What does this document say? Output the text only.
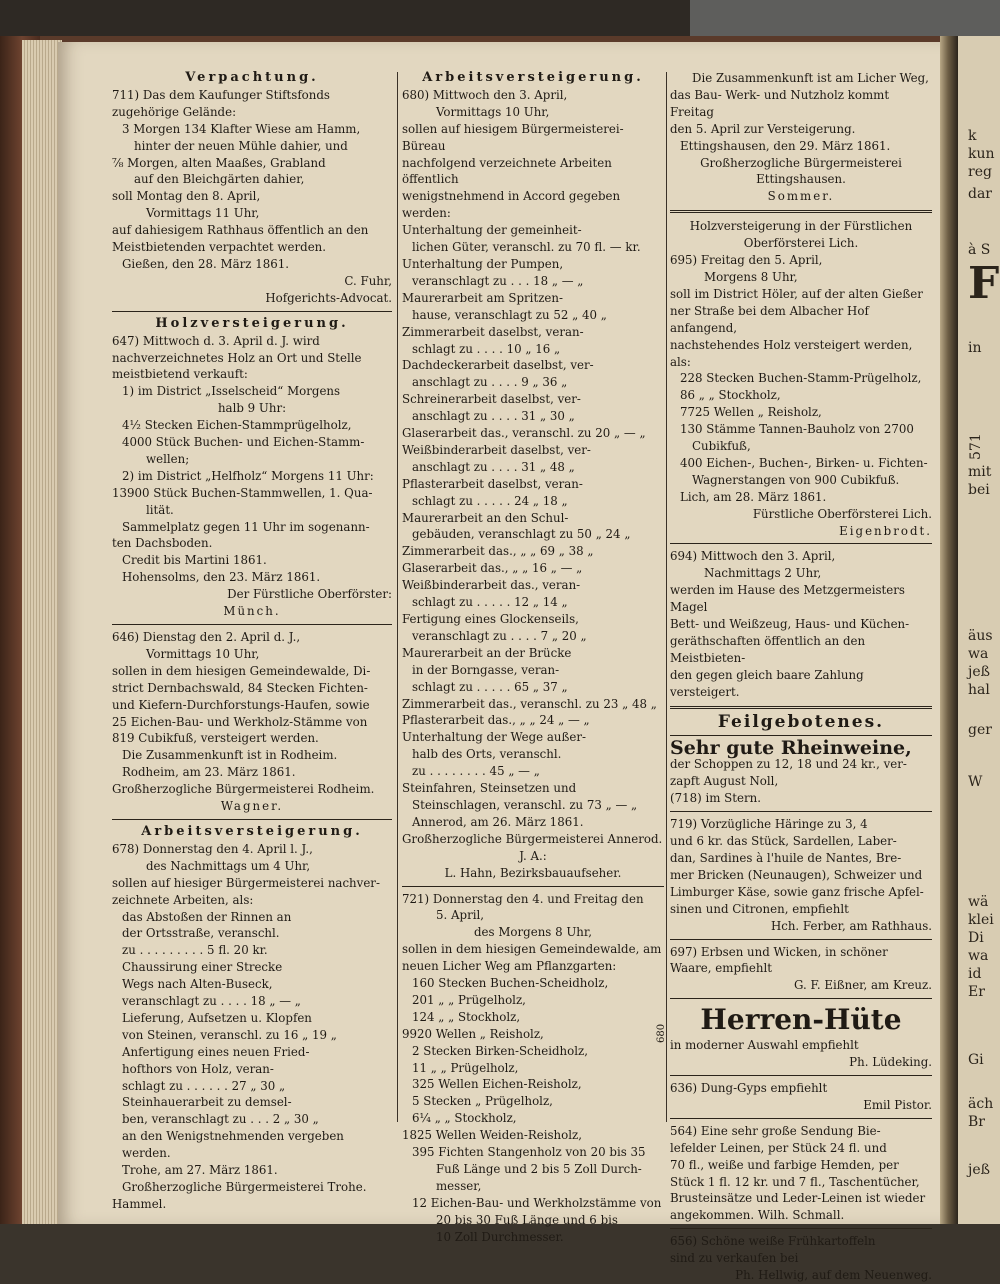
k
kun
reg
dar
à S
F
in
571
mit
bei
äus
wa
jeß
hal
ger
W
wä
klei
Di
wa
id
Er
Gi
äch
Br
jeß

Verpachtung.

711) Das dem Kaufunger Stiftsfonds

zugehörige Gelände:

3 Morgen 134 Klafter Wiese am Hamm,

hinter der neuen Mühle dahier, und

⅞ Morgen, alten Maaßes, Grabland

auf den Bleichgärten dahier,

soll Montag den 8. April,

Vormittags 11 Uhr,

auf dahiesigem Rathhaus öffentlich an den

Meistbietenden verpachtet werden.

Gießen, den 28. März 1861.

C. Fuhr,

Hofgerichts-Advocat.

Holzversteigerung.

647) Mittwoch d. 3. April d. J. wird

nachverzeichnetes Holz an Ort und Stelle

meistbietend verkauft:

1) im District „Isselscheid“ Morgens

halb 9 Uhr:

4½ Stecken Eichen-Stammprügelholz,

4000 Stück Buchen- und Eichen-Stamm-

wellen;

2) im District „Helfholz“ Morgens 11 Uhr:

13900 Stück Buchen-Stammwellen, 1. Qua-

lität.

Sammelplatz gegen 11 Uhr im sogenann-

ten Dachsboden.

Credit bis Martini 1861.

Hohensolms, den 23. März 1861.

Der Fürstliche Oberförster:

Münch.

646) Dienstag den 2. April d. J.,

Vormittags 10 Uhr,

sollen in dem hiesigen Gemeindewalde, Di-

strict Dernbachswald, 84 Stecken Fichten-

und Kiefern-Durchforstungs-Haufen, sowie

25 Eichen-Bau- und Werkholz-Stämme von

819 Cubikfuß, versteigert werden.

Die Zusammenkunft ist in Rodheim.

Rodheim, am 23. März 1861.

Großherzogliche Bürgermeisterei Rodheim.

Wagner.

Arbeitsversteigerung.

678) Donnerstag den 4. April l. J.,

des Nachmittags um 4 Uhr,

sollen auf hiesiger Bürgermeisterei nachver-

zeichnete Arbeiten, als:

das Abstoßen der Rinnen an

der Ortsstraße, veranschl.

zu . . . . . . . . . 5 fl. 20 kr.

Chaussirung einer Strecke

Wegs nach Alten-Buseck,

veranschlagt zu . . . . 18 „ — „

Lieferung, Aufsetzen u. Klopfen

von Steinen, veranschl. zu 16 „ 19 „

Anfertigung eines neuen Fried-

hofthors von Holz, veran-

schlagt zu . . . . . . 27 „ 30 „

Steinhauerarbeit zu demsel-

ben, veranschlagt zu . . . 2 „ 30 „

an den Wenigstnehmenden vergeben werden.

Trohe, am 27. März 1861.

Großherzogliche Bürgermeisterei Trohe.

Hammel.

Arbeitsversteigerung.

680) Mittwoch den 3. April,

Vormittags 10 Uhr,

sollen auf hiesigem Bürgermeisterei-Büreau

nachfolgend verzeichnete Arbeiten öffentlich

wenigstnehmend in Accord gegeben werden:

Unterhaltung der gemeinheit-

lichen Güter, veranschl. zu 70 fl. — kr.

Unterhaltung der Pumpen,

veranschlagt zu . . . 18 „ — „

Maurerarbeit am Spritzen-

hause, veranschlagt zu 52 „ 40 „

Zimmerarbeit daselbst, veran-

schlagt zu . . . . 10 „ 16 „

Dachdeckerarbeit daselbst, ver-

anschlagt zu . . . . 9 „ 36 „

Schreinerarbeit daselbst, ver-

anschlagt zu . . . . 31 „ 30 „

Glaserarbeit das., veranschl. zu 20 „ — „

Weißbinderarbeit daselbst, ver-

anschlagt zu . . . . 31 „ 48 „

Pflasterarbeit daselbst, veran-

schlagt zu . . . . . 24 „ 18 „

Maurerarbeit an den Schul-

gebäuden, veranschlagt zu 50 „ 24 „

Zimmerarbeit das., „ „ 69 „ 38 „

Glaserarbeit das., „ „ 16 „ — „

Weißbinderarbeit das., veran-

schlagt zu . . . . . 12 „ 14 „

Fertigung eines Glockenseils,

veranschlagt zu . . . . 7 „ 20 „

Maurerarbeit an der Brücke

in der Borngasse, veran-

schlagt zu . . . . . 65 „ 37 „

Zimmerarbeit das., veranschl. zu 23 „ 48 „

Pflasterarbeit das., „ „ 24 „ — „

Unterhaltung der Wege außer-

halb des Orts, veranschl.

zu . . . . . . . . 45 „ — „

Steinfahren, Steinsetzen und

Steinschlagen, veranschl. zu 73 „ — „

Annerod, am 26. März 1861.

Großherzogliche Bürgermeisterei Annerod.

J. A.:

L. Hahn, Bezirksbauaufseher.

721) Donnerstag den 4. und Freitag den

5. April,

des Morgens 8 Uhr,

sollen in dem hiesigen Gemeindewalde, am

neuen Licher Weg am Pflanzgarten:

160 Stecken Buchen-Scheidholz,

201 „ „ Prügelholz,

124 „ „ Stockholz,

9920 Wellen „ Reisholz,

2 Stecken Birken-Scheidholz,

11 „ „ Prügelholz,

325 Wellen Eichen-Reisholz,

5 Stecken „ Prügelholz,

6¼ „ „ Stockholz,

1825 Wellen Weiden-Reisholz,

395 Fichten Stangenholz von 20 bis 35

Fuß Länge und 2 bis 5 Zoll Durch-

messer,

12 Eichen-Bau- und Werkholzstämme von

20 bis 30 Fuß Länge und 6 bis

10 Zoll Durchmesser.

Die Zusammenkunft ist am Licher Weg,

das Bau- Werk- und Nutzholz kommt Freitag

den 5. April zur Versteigerung.

Ettingshausen, den 29. März 1861.

Großherzogliche Bürgermeisterei

Ettingshausen.

Sommer.

Holzversteigerung in der Fürstlichen

Oberförsterei Lich.

695) Freitag den 5. April,

Morgens 8 Uhr,

soll im District Höler, auf der alten Gießer

ner Straße bei dem Albacher Hof anfangend,

nachstehendes Holz versteigert werden, als:

228 Stecken Buchen-Stamm-Prügelholz,

86 „ „ Stockholz,

7725 Wellen „ Reisholz,

130 Stämme Tannen-Bauholz von 2700

Cubikfuß,

400 Eichen-, Buchen-, Birken- u. Fichten-

Wagnerstangen von 900 Cubikfuß.

Lich, am 28. März 1861.

Fürstliche Oberförsterei Lich.

Eigenbrodt.

694) Mittwoch den 3. April,

Nachmittags 2 Uhr,

werden im Hause des Metzgermeisters Magel

Bett- und Weißzeug, Haus- und Küchen-

geräthschaften öffentlich an den Meistbieten-

den gegen gleich baare Zahlung versteigert.

Feilgebotenes.

Sehr gute Rheinweine,

der Schoppen zu 12, 18 und 24 kr., ver-

zapft August Noll,

(718) im Stern.

719) Vorzügliche Häringe zu 3, 4

und 6 kr. das Stück, Sardellen, Laber-

dan, Sardines à l'huile de Nantes, Bre-

mer Bricken (Neunaugen), Schweizer und

Limburger Käse, sowie ganz frische Apfel-

sinen und Citronen, empfiehlt

Hch. Ferber, am Rathhaus.

697) Erbsen und Wicken, in schöner

Waare, empfiehlt

G. F. Eißner, am Kreuz.

680	Herren-Hüte

in moderner Auswahl empfiehlt

Ph. Lüdeking.

636) Dung-Gyps empfiehlt

Emil Pistor.

564) Eine sehr große Sendung Bie-

lefelder Leinen, per Stück 24 fl. und

70 fl., weiße und farbige Hemden, per

Stück 1 fl. 12 kr. und 7 fl., Taschentücher,

Brusteinsätze und Leder-Leinen ist wieder

angekommen. Wilh. Schmall.

656) Schöne weiße Frühkartoffeln

sind zu verkaufen bei

Ph. Hellwig, auf dem Neuenweg.
